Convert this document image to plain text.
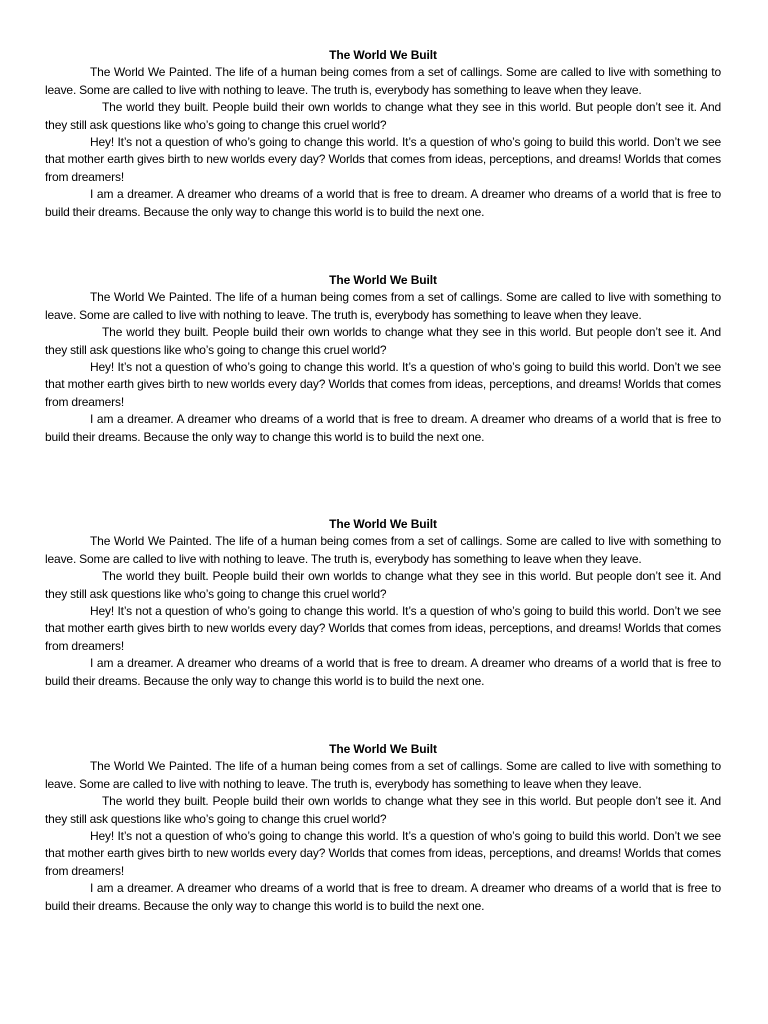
The World We Built

The World We Painted. The life of a human being comes from a set of callings. Some are called to live with something to leave. Some are called to live with nothing to leave. The truth is, everybody has something to leave when they leave.

The world they built. People build their own worlds to change what they see in this world. But people don’t see it. And they still ask questions like who’s going to change this cruel world?

Hey! It’s not a question of who’s going to change this world. It’s a question of who’s going to build this world. Don’t we see that mother earth gives birth to new worlds every day? Worlds that comes from ideas, perceptions, and dreams! Worlds that comes from dreamers!

I am a dreamer. A dreamer who dreams of a world that is free to dream. A dreamer who dreams of a world that is free to build their dreams. Because the only way to change this world is to build the next one.

The World We Built

The World We Painted. The life of a human being comes from a set of callings. Some are called to live with something to leave. Some are called to live with nothing to leave. The truth is, everybody has something to leave when they leave.

The world they built. People build their own worlds to change what they see in this world. But people don’t see it. And they still ask questions like who’s going to change this cruel world?

Hey! It’s not a question of who’s going to change this world. It’s a question of who’s going to build this world. Don’t we see that mother earth gives birth to new worlds every day? Worlds that comes from ideas, perceptions, and dreams! Worlds that comes from dreamers!

I am a dreamer. A dreamer who dreams of a world that is free to dream. A dreamer who dreams of a world that is free to build their dreams. Because the only way to change this world is to build the next one.

The World We Built

The World We Painted. The life of a human being comes from a set of callings. Some are called to live with something to leave. Some are called to live with nothing to leave. The truth is, everybody has something to leave when they leave.

The world they built. People build their own worlds to change what they see in this world. But people don’t see it. And they still ask questions like who’s going to change this cruel world?

Hey! It’s not a question of who’s going to change this world. It’s a question of who’s going to build this world. Don’t we see that mother earth gives birth to new worlds every day? Worlds that comes from ideas, perceptions, and dreams! Worlds that comes from dreamers!

I am a dreamer. A dreamer who dreams of a world that is free to dream. A dreamer who dreams of a world that is free to build their dreams. Because the only way to change this world is to build the next one.

The World We Built

The World We Painted. The life of a human being comes from a set of callings. Some are called to live with something to leave. Some are called to live with nothing to leave. The truth is, everybody has something to leave when they leave.

The world they built. People build their own worlds to change what they see in this world. But people don’t see it. And they still ask questions like who’s going to change this cruel world?

Hey! It’s not a question of who’s going to change this world. It’s a question of who’s going to build this world. Don’t we see that mother earth gives birth to new worlds every day? Worlds that comes from ideas, perceptions, and dreams! Worlds that comes from dreamers!

I am a dreamer. A dreamer who dreams of a world that is free to dream. A dreamer who dreams of a world that is free to build their dreams. Because the only way to change this world is to build the next one.
